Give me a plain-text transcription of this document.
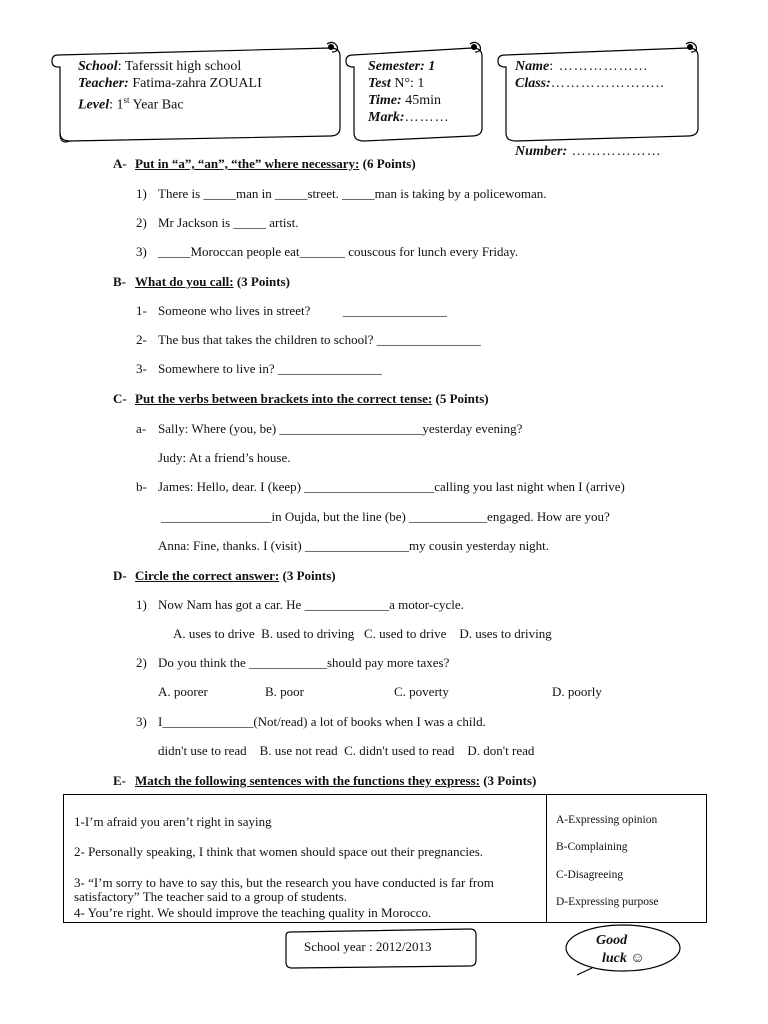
School: Taferssit high school
Teacher: Fatima-zahra ZOUALI
Level: 1st Year Bac
Semester: 1
Test N°: 1
Time: 45min
Mark:………
Name: ………………
Class:…………………..
Number: ………………
A- Put in “a”, “an”, “the” where necessary: (6 Points)
1) There is _____man in _____street. _____man is taking by a policewoman.
2) Mr Jackson is _____ artist.
3) _____Moroccan people eat_______ couscous for lunch every Friday.
B- What do you call: (3 Points)
1- Someone who lives in street?          ________________
2- The bus that takes the children to school? ________________
3- Somewhere to live in? ________________
C- Put the verbs between brackets into the correct tense: (5 Points)
a- Sally: Where (you, be) ______________________yesterday evening?
Judy: At a friend’s house.
b- James: Hello, dear. I (keep) ____________________calling you last night when I (arrive)
_________________in Oujda, but the line (be) ____________engaged. How are you?
Anna: Fine, thanks. I (visit) ________________my cousin yesterday night.
D- Circle the correct answer: (3 Points)
1) Now Nam has got a car. He _____________a motor-cycle.
A. uses to drive  B. used to driving   C. used to drive    D. uses to driving
2) Do you think the ____________should pay more taxes?
A. poorer	B. poor	C. poverty	D. poorly
3) I______________(Not/read) a lot of books when I was a child.
didn't use to read    B. use not read  C. didn't used to read    D. don't read
E- Match the following sentences with the functions they express: (3 Points)
1-I’m afraid you aren’t right in saying
2- Personally speaking, I think that women should space out their pregnancies.
3- “I’m sorry to have to say this, but the research you have conducted is far from satisfactory” The teacher said to a group of students.
4- You’re right. We should improve the teaching quality in Morocco.

A-Expressing opinion
B-Complaining
C-Disagreeing
D-Expressing purpose
School year : 2012/2013	Good
luck ☺
